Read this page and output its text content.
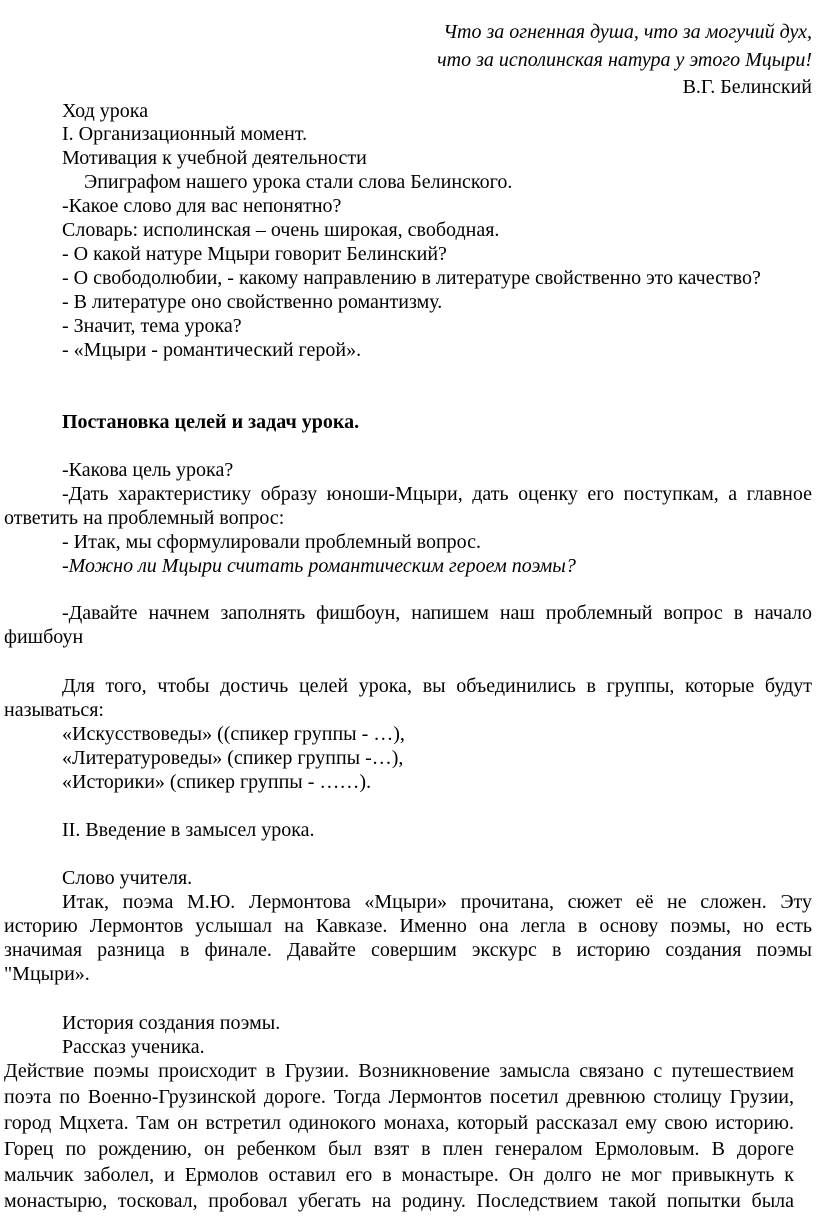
Что за огненная душа, что за могучий дух,
что за исполинская натура у этого Мцыри!
В.Г. Белинский
Ход урока
I. Организационный момент.
Мотивация к учебной деятельности
Эпиграфом нашего урока стали слова Белинского.
-Какое слово для вас непонятно?
Словарь: исполинская – очень широкая, свободная.
- О какой натуре Мцыри говорит Белинский?
- О свободолюбии, - какому направлению в литературе свойственно это качество?
- В литературе оно свойственно романтизму.
- Значит, тема урока?
- «Мцыри - романтический герой».
Постановка целей и задач урока.
-Какова цель урока?
-Дать характеристику образу юноши-Мцыри, дать оценку его поступкам, а главное
ответить на проблемный вопрос:
- Итак, мы сформулировали проблемный вопрос.
-Можно ли Мцыри считать романтическим героем поэмы?
-Давайте начнем заполнять фишбоун, напишем наш проблемный вопрос в начало
фишбоун
Для того, чтобы достичь целей урока, вы объединились в группы, которые будут
называться:
«Искусствоведы» ((спикер группы - …),
«Литературоведы» (спикер группы -…),
«Историки» (спикер группы - ……).
II. Введение в замысел урока.
Слово учителя.
Итак, поэма М.Ю. Лермонтова «Мцыри» прочитана, сюжет её не сложен. Эту
историю Лермонтов услышал на Кавказе. Именно она легла в основу поэмы, но есть
значимая разница в финале. Давайте совершим экскурс в историю создания поэмы
"Мцыри».
История создания поэмы.
Рассказ ученика.
Действие поэмы происходит в Грузии. Возникновение замысла связано с путешествием
поэта по Военно-Грузинской дороге. Тогда Лермонтов посетил древнюю столицу Грузии,
город Мцхета. Там он встретил одинокого монаха, который рассказал ему свою историю.
Горец по рождению, он ребенком был взят в плен генералом Ермоловым. В дороге
мальчик заболел, и Ермолов оставил его в монастыре. Он долго не мог привыкнуть к
монастырю, тосковал, пробовал убегать на родину. Последствием такой попытки была
